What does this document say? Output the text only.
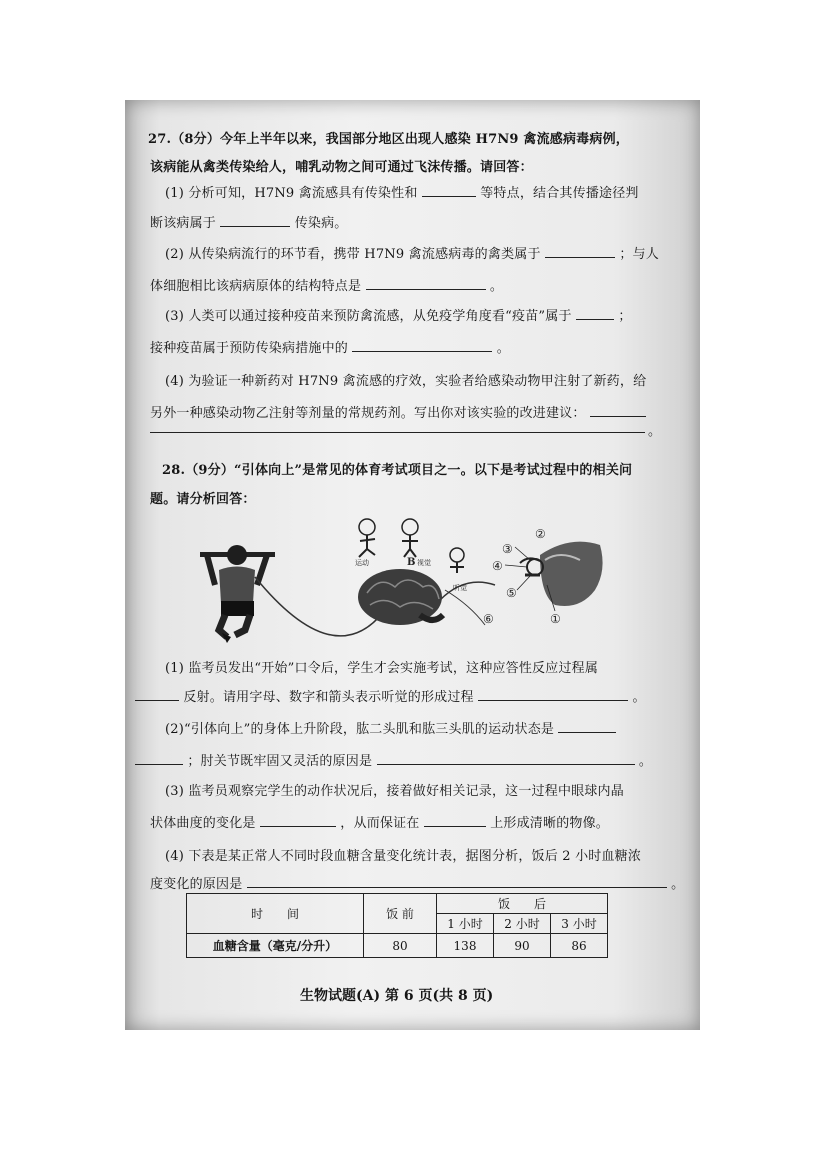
27.（8分）今年上半年以来，我国部分地区出现人感染 H7N9 禽流感病毒病例，
该病能从禽类传染给人，哺乳动物之间可通过飞沫传播。请回答：
(1) 分析可知，H7N9 禽流感具有传染性和	等特点，结合其传播途径判
断该病属于	传染病。
(2) 从传染病流行的环节看，携带 H7N9 禽流感病毒的禽类属于	；与人
体细胞相比该病病原体的结构特点是	。
(3) 人类可以通过接种疫苗来预防禽流感，从免疫学角度看“疫苗”属于	；
接种疫苗属于预防传染病措施中的	。
(4) 为验证一种新药对 H7N9 禽流感的疗效，实验者给感染动物甲注射了新药，给
另外一种感染动物乙注射等剂量的常规药剂。写出你对该实验的改进建议：
。
28.（9分）“引体向上”是常见的体育考试项目之一。以下是考试过程中的相关问
题。请分析回答：
运动	B 视觉
听觉
②
③
④
⑤
①
⑥
(1) 监考员发出“开始”口令后，学生才会实施考试，这种应答性反应过程属
反射。请用字母、数字和箭头表示听觉的形成过程	。
(2)“引体向上”的身体上升阶段，肱二头肌和肱三头肌的运动状态是
；肘关节既牢固又灵活的原因是	。
(3) 监考员观察完学生的动作状况后，接着做好相关记录，这一过程中眼球内晶
状体曲度的变化是	，从而保证在	上形成清晰的物像。
(4) 下表是某正常人不同时段血糖含量变化统计表，据图分析，饭后 2 小时血糖浓
度变化的原因是	。
时　　间	饭 前	饭　　后		
		1 小时	2 小时	3 小时
血糖含量（毫克/分升）	80	138	90	86
生物试题(A) 第 6 页(共 8 页)
